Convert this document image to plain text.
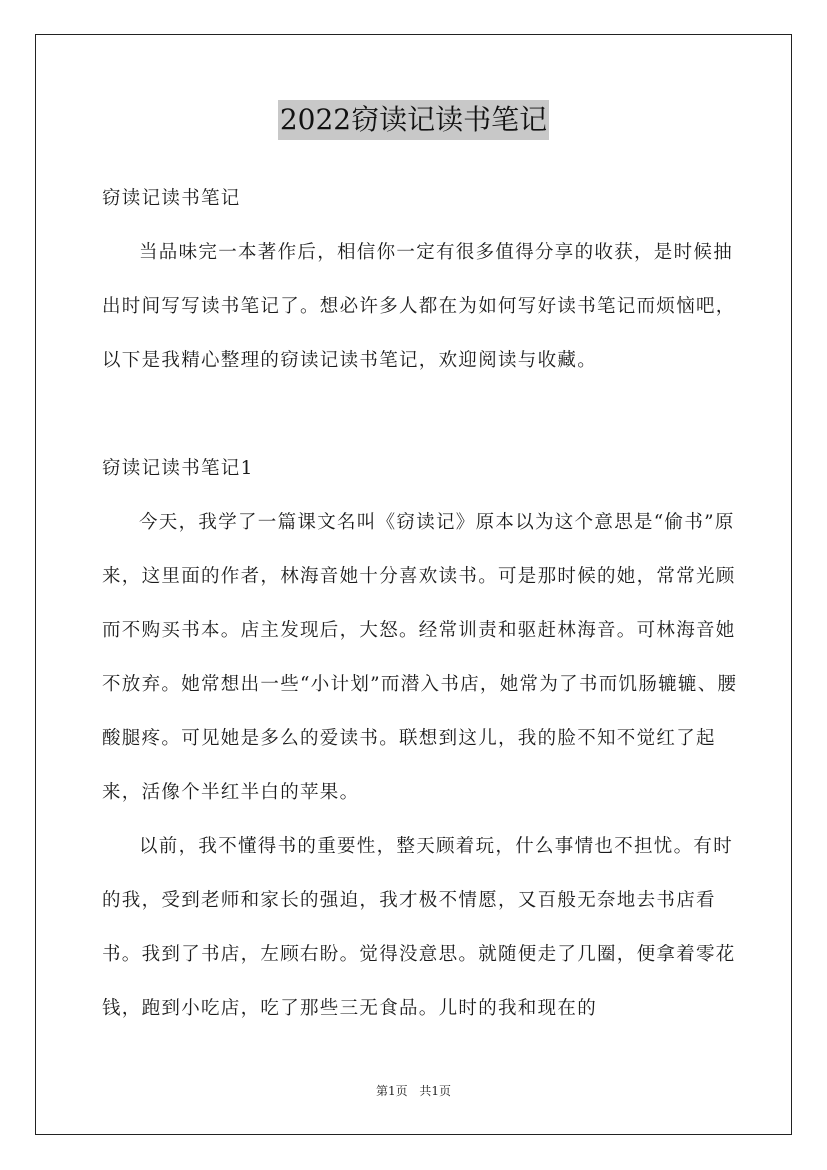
2022窃读记读书笔记

窃读记读书笔记

当品味完一本著作后，相信你一定有很多值得分享的收获，是时候抽出时间写写读书笔记了。想必许多人都在为如何写好读书笔记而烦恼吧，以下是我精心整理的窃读记读书笔记，欢迎阅读与收藏。

窃读记读书笔记1

今天，我学了一篇课文名叫《窃读记》原本以为这个意思是“偷书”原来，这里面的作者，林海音她十分喜欢读书。可是那时候的她，常常光顾而不购买书本。店主发现后，大怒。经常训责和驱赶林海音。可林海音她不放弃。她常想出一些“小计划”而潜入书店，她常为了书而饥肠辘辘、腰酸腿疼。可见她是多么的爱读书。联想到这儿，我的脸不知不觉红了起来，活像个半红半白的苹果。

以前，我不懂得书的重要性，整天顾着玩，什么事情也不担忧。有时的我，受到老师和家长的强迫，我才极不情愿，又百般无奈地去书店看书。我到了书店，左顾右盼。觉得没意思。就随便走了几圈，便拿着零花钱，跑到小吃店，吃了那些三无食品。儿时的我和现在的

第1页 共1页
